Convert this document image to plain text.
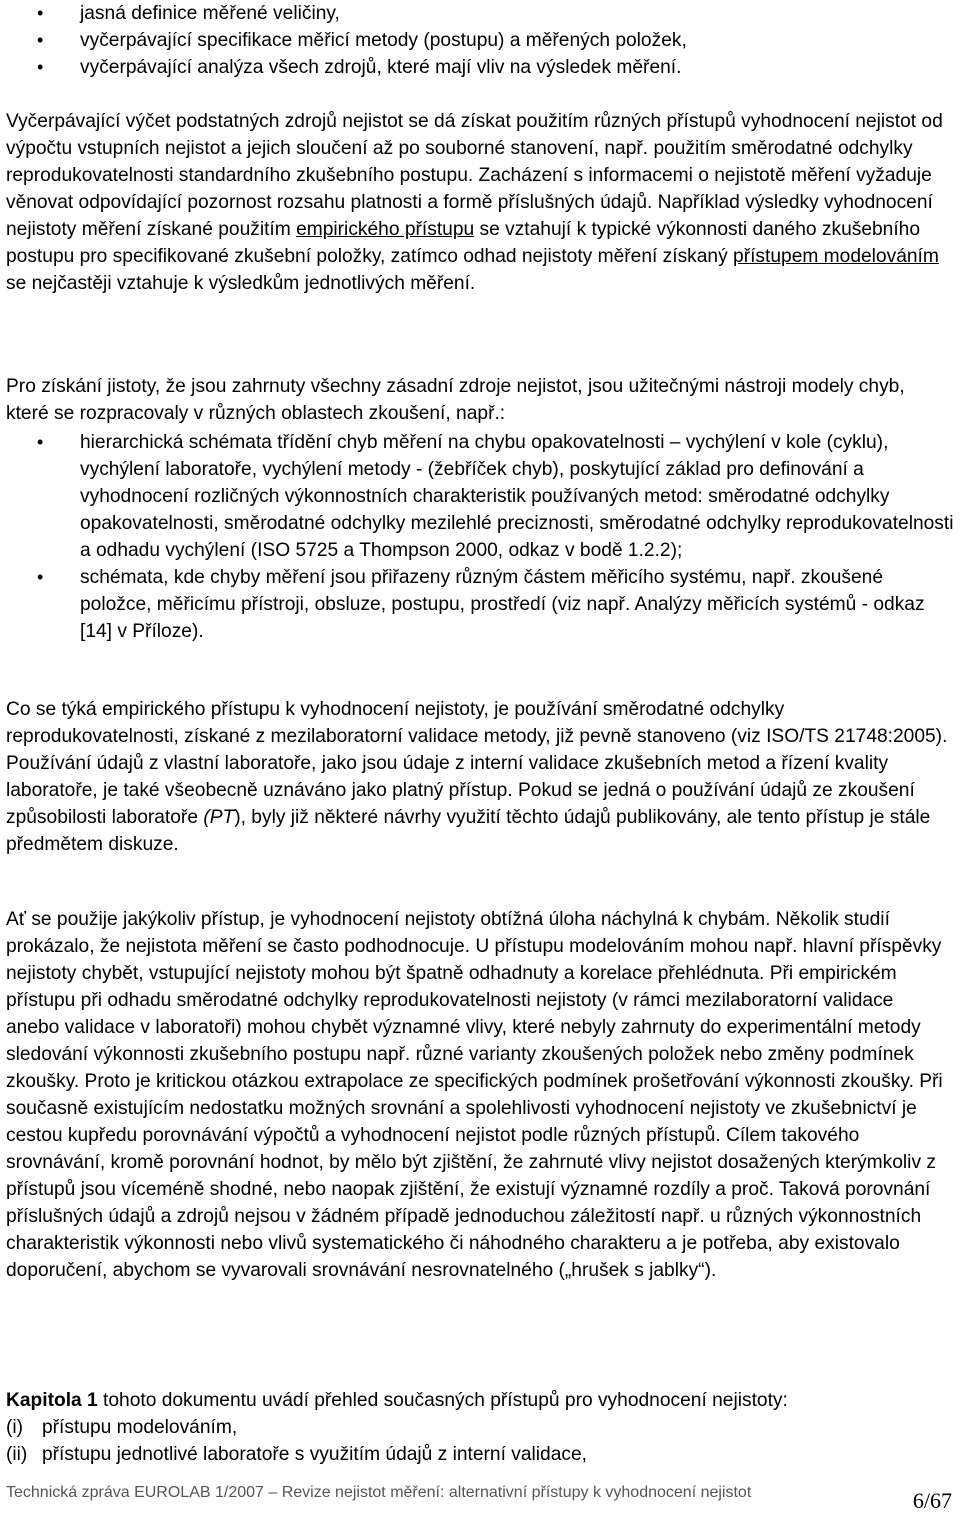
• jasná definice měřené veličiny,
• vyčerpávající specifikace měřicí metody (postupu) a měřených položek,
• vyčerpávající analýza všech zdrojů, které mají vliv na výsledek měření.

Vyčerpávající výčet podstatných zdrojů nejistot se dá získat použitím různých přístupů vyhodnocení nejistot od výpočtu vstupních nejistot a jejich sloučení až po souborné stanovení, např. použitím směrodatné odchylky reprodukovatelnosti standardního zkušebního postupu. Zacházení s informacemi o nejistotě měření vyžaduje věnovat odpovídající pozornost rozsahu platnosti a formě příslušných údajů. Například výsledky vyhodnocení nejistoty měření získané použitím empirického přístupu se vztahují k typické výkonnosti daného zkušebního postupu pro specifikované zkušební položky, zatímco odhad nejistoty měření získaný přístupem modelováním se nejčastěji vztahuje k výsledkům jednotlivých měření.

Pro získání jistoty, že jsou zahrnuty všechny zásadní zdroje nejistot, jsou užitečnými nástroji modely chyb, které se rozpracovaly v různých oblastech zkoušení, např.:

• hierarchická schémata třídění chyb měření na chybu opakovatelnosti – vychýlení v kole (cyklu), vychýlení laboratoře, vychýlení metody - (žebříček chyb), poskytující základ pro definování a vyhodnocení rozličných výkonnostních charakteristik používaných metod: směrodatné odchylky opakovatelnosti, směrodatné odchylky mezilehlé preciznosti, směrodatné odchylky reprodukovatelnosti a odhadu vychýlení (ISO 5725 a Thompson 2000, odkaz v bodě 1.2.2);
• schémata, kde chyby měření jsou přiřazeny různým částem měřicího systému, např. zkoušené položce, měřicímu přístroji, obsluze, postupu, prostředí (viz např. Analýzy měřicích systémů - odkaz [14] v Příloze).

Co se týká empirického přístupu k vyhodnocení nejistoty, je používání směrodatné odchylky reprodukovatelnosti, získané z mezilaboratorní validace metody, již pevně stanoveno (viz ISO/TS 21748:2005). Používání údajů z vlastní laboratoře, jako jsou údaje z interní validace zkušebních metod a řízení kvality laboratoře, je také všeobecně uznáváno jako platný přístup. Pokud se jedná o používání údajů ze zkoušení způsobilosti laboratoře (PT), byly již některé návrhy využití těchto údajů publikovány, ale tento přístup je stále předmětem diskuze.

Ať se použije jakýkoliv přístup, je vyhodnocení nejistoty obtížná úloha náchylná k chybám. Několik studií prokázalo, že nejistota měření se často podhodnocuje. U přístupu modelováním mohou např. hlavní příspěvky nejistoty chybět, vstupující nejistoty mohou být špatně odhadnuty a korelace přehlédnuta. Při empirickém přístupu při odhadu směrodatné odchylky reprodukovatelnosti nejistoty (v rámci mezilaboratorní validace anebo validace v laboratoři) mohou chybět významné vlivy, které nebyly zahrnuty do experimentální metody sledování výkonnosti zkušebního postupu např. různé varianty zkoušených položek nebo změny podmínek zkoušky. Proto je kritickou otázkou extrapolace ze specifických podmínek prošetřování výkonnosti zkoušky. Při současně existujícím nedostatku možných srovnání a spolehlivosti vyhodnocení nejistoty ve zkušebnictví je cestou kupředu porovnávání výpočtů a vyhodnocení nejistot podle různých přístupů. Cílem takového srovnávání, kromě porovnání hodnot, by mělo být zjištění, že zahrnuté vlivy nejistot dosažených kterýmkoliv z přístupů jsou víceméně shodné, nebo naopak zjištění, že existují významné rozdíly a proč. Taková porovnání příslušných údajů a zdrojů nejsou v žádném případě jednoduchou záležitostí např. u různých výkonnostních charakteristik výkonnosti nebo vlivů systematického či náhodného charakteru a je potřeba, aby existovalo doporučení, abychom se vyvarovali srovnávání nesrovnatelného („hrušek s jablky“).

Kapitola 1 tohoto dokumentu uvádí přehled současných přístupů pro vyhodnocení nejistoty:

(i) přístupu modelováním,
(ii) přístupu jednotlivé laboratoře s využitím údajů z interní validace,
Technická zpráva EUROLAB 1/2007 – Revize nejistot měření: alternativní přístupy k vyhodnocení nejistot	6/67
